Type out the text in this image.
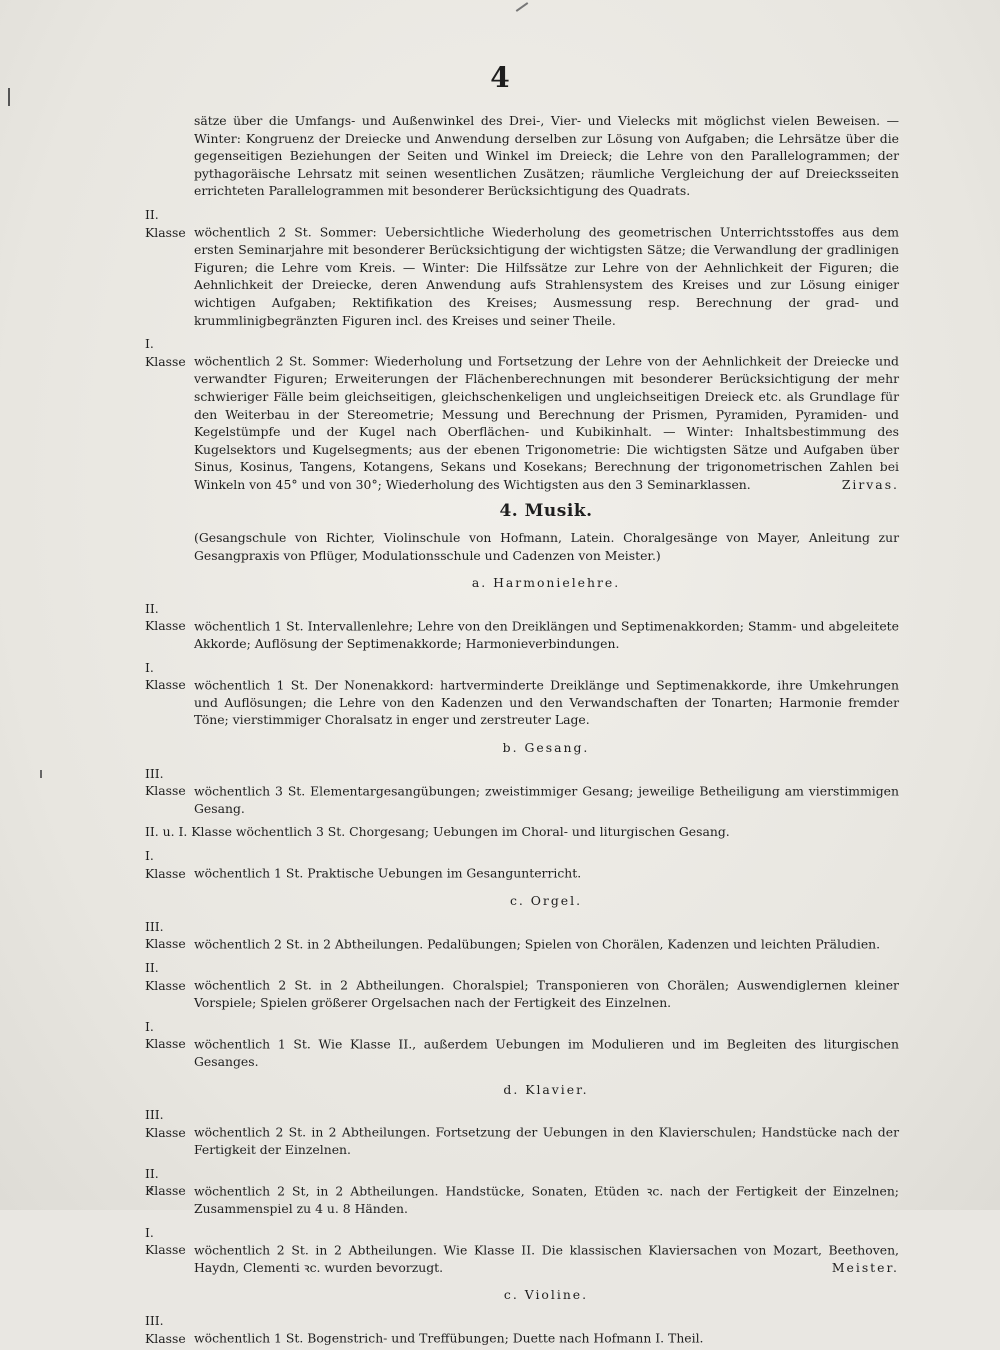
4

sätze über die Umfangs- und Außenwinkel des Drei-, Vier- und Vielecks mit möglichst vielen Beweisen. — Winter: Kongruenz der Dreiecke und Anwendung derselben zur Lösung von Aufgaben; die Lehrsätze über die gegenseitigen Beziehungen der Seiten und Winkel im Dreieck; die Lehre von den Parallelogrammen; der pythagoräische Lehrsatz mit seinen wesentlichen Zusätzen; räumliche Vergleichung der auf Dreiecksseiten errichteten Parallelogrammen mit besonderer Berücksichtigung des Quadrats.

II. Klasse wöchentlich 2 St. Sommer: Uebersichtliche Wiederholung des geometrischen Unterrichtsstoffes aus dem ersten Seminarjahre mit besonderer Berücksichtigung der wichtigsten Sätze; die Verwandlung der gradlinigen Figuren; die Lehre vom Kreis. — Winter: Die Hilfssätze zur Lehre von der Aehnlichkeit der Figuren; die Aehnlichkeit der Dreiecke, deren Anwendung aufs Strahlensystem des Kreises und zur Lösung einiger wichtigen Aufgaben; Rektifikation des Kreises; Ausmessung resp. Berechnung der grad- und krummlinigbegränzten Figuren incl. des Kreises und seiner Theile.

I. Klasse wöchentlich 2 St. Sommer: Wiederholung und Fortsetzung der Lehre von der Aehnlichkeit der Dreiecke und verwandter Figuren; Erweiterungen der Flächenberechnungen mit besonderer Berücksichtigung der mehr schwieriger Fälle beim gleichseitigen, gleichschenkeligen und ungleichseitigen Dreieck etc. als Grundlage für den Weiterbau in der Stereometrie; Messung und Berechnung der Prismen, Pyramiden, Pyramiden- und Kegelstümpfe und der Kugel nach Oberflächen- und Kubikinhalt. — Winter: Inhaltsbestimmung des Kugelsektors und Kugelsegments; aus der ebenen Trigonometrie: Die wichtigsten Sätze und Aufgaben über Sinus, Kosinus, Tangens, Kotangens, Sekans und Kosekans; Berechnung der trigonometrischen Zahlen bei Winkeln von 45° und von 30°; Wiederholung des Wichtigsten aus den 3 Seminarklassen.	Zirvas.

4. Musik.

(Gesangschule von Richter, Violinschule von Hofmann, Latein. Choralgesänge von Mayer, Anleitung zur Gesangpraxis von Pflüger, Modulationsschule und Cadenzen von Meister.)

a. Harmonielehre.

II. Klasse wöchentlich 1 St. Intervallenlehre; Lehre von den Dreiklängen und Septimenakkorden; Stamm- und abgeleitete Akkorde; Auflösung der Septimenakkorde; Harmonieverbindungen.

I. Klasse wöchentlich 1 St. Der Nonenakkord: hartverminderte Dreiklänge und Septimenakkorde, ihre Umkehrungen und Auflösungen; die Lehre von den Kadenzen und den Verwandschaften der Tonarten; Harmonie fremder Töne; vierstimmiger Choralsatz in enger und zerstreuter Lage.

b. Gesang.

III. Klasse wöchentlich 3 St. Elementargesangübungen; zweistimmiger Gesang; jeweilige Betheiligung am vierstimmigen Gesang.

II. u. I. Klasse wöchentlich 3 St. Chorgesang; Uebungen im Choral- und liturgischen Gesang.

I. Klasse wöchentlich 1 St. Praktische Uebungen im Gesangunterricht.

c. Orgel.

III. Klasse wöchentlich 2 St. in 2 Abtheilungen. Pedalübungen; Spielen von Chorälen, Kadenzen und leichten Präludien.

II. Klasse wöchentlich 2 St. in 2 Abtheilungen. Choralspiel; Transponieren von Chorälen; Auswendiglernen kleiner Vorspiele; Spielen größerer Orgelsachen nach der Fertigkeit des Einzelnen.

I. Klasse wöchentlich 1 St. Wie Klasse II., außerdem Uebungen im Modulieren und im Begleiten des liturgischen Gesanges.

d. Klavier.

III. Klasse wöchentlich 2 St. in 2 Abtheilungen. Fortsetzung der Uebungen in den Klavierschulen; Handstücke nach der Fertigkeit der Einzelnen.

II. Klasse wöchentlich 2 St, in 2 Abtheilungen. Handstücke, Sonaten, Etüden ꝛc. nach der Fertigkeit der Einzelnen; Zusammenspiel zu 4 u. 8 Händen.

I. Klasse wöchentlich 2 St. in 2 Abtheilungen. Wie Klasse II. Die klassischen Klaviersachen von Mozart, Beethoven, Haydn, Clementi ꝛc. wurden bevorzugt.	Meister.

c. Violine.

III. Klasse wöchentlich 1 St. Bogenstrich- und Treffübungen; Duette nach Hofmann I. Theil.
